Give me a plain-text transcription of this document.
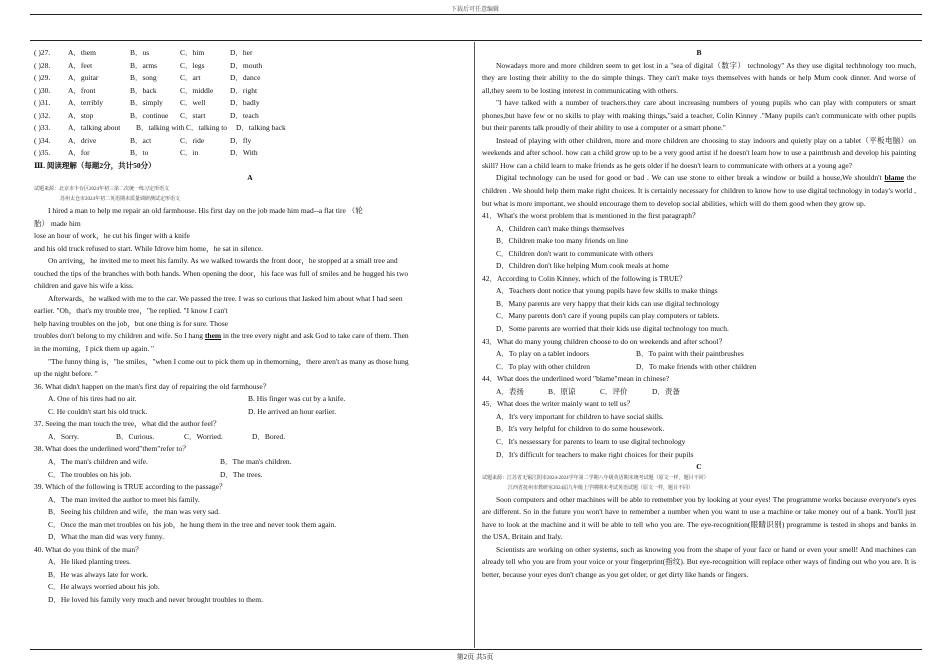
下载后可任意编辑
( )27. A．them	B．us	C．him	D．her
( )28. A．feet	B．arms	C．legs	D．mouth
( )29. A．guitar	B．song	C．art	D．dance
( )30. A．front	B．back	C．middle D．right
( )31. A．terribly	B．simply C．well	D．badly
( )32. A．stop	B．continue C．start	D．teach
( )33. A．talking about B．talking withC．talking to D．talking back
( )34. A．drive	B．act	C．ride	D．fly
( )35. A．for	B．to	C．in	D．With
Ⅲ. 阅读理解（每题2分，共计50分）
A
试题来源：北京市丰台区2024年初三第二次统一练习定形语文
苏州太仓市2024年初二英语期末质量调研测试定形语文
I hired a man to help me repair an old farmhouse. His first day on the job made him mad--a flat tire （轮
胎） made him
lose an hour of work，he cut his finger with a knife
and his old truck refused to start. While Idrove him home，he sat in silence.
On arriving，he invited me to meet his family. As we walked towards the front door，he stopped at a small tree and
touched the tips of the branches with both hands. When opening the door，his face was full of smiles and he hugged his two
children and gave his wife a kiss.
Afterwards，he walked with me to the car. We passed the tree. I was so curious that Iasked him about what I had seen
earlier. "Oh，that's my trouble tree，"he replied. "I know I can't
help having troubles on the job，but one thing is for sure. Those
troubles don't belong to my children and wife. So I hang them in the tree every night and ask God to take care of them. Then
in the morning，I pick them up again. "
"The funny thing is，"he smiles，"when I come out to pick them up in themorning，there aren't as many as those hung
up the night before. "
36. What didn't happen on the man's first day of repairing the old farmhouse？
A. One of his tires had no air.	B. His finger was cut by a knife.
C. He couldn't start his old truck.	D. He arrived an hour earlier.
37. Seeing the man touch the tree，what did the author feel？
A．Sorry.	B．Curious.	C．Worried.	D．Bored.
38. What does the underlined word"them"refer to？
A．The man's children and wife.	B．The man's children.
C．The troubles on his job.	D．The trees.
39. Which of the following is TRUE according to the passage？
A．The man invited the author to meet his family.
B．Seeing his children and wife，the man was very sad.
C．Once the man met troubles on his job，he hung them in the tree and never took them again.
D．What the man did was very funny.
40. What do you think of the man？
A．He liked planting trees.
B．He was always late for work.
C．He always worried about his job.
D．He loved his family very much and never brought troubles to them.
B
Nowadays more and more children seem to get lost in a "sea of digital（数字） technology" As they use digital techhnology too much, they are losting their ability to the do simple things. They can't make toys themselves with hands or help Mum cook dinner. And worse of all,they seem to be losting interest in communicating with others.
"I have talked with a number of teachers.they care about increasing numbers of young pupils who can play with computers or smart phones,but have few or no skills to play with making things,"said a teacher, Colin Kinney ."Many pupils can't communicate with other pupils but their parents talk proudly of their ability to use a computer or a smart phone."
Instead of playing with other children, more and more children are choosing to stay indoors and quietly play on a tablet（平板电脑）on weekends and after school. how can a child grow up to be a very good artist if he doesn't learn how to use a paintbrush and develop his painting skill? How can a child learn to make friends as he gets older if he doesn't learn to communicate with others at a young age?
Digital technology can be used for good or bad . We can use stone to either break a window or build a house,We shouldn't blame the children . We should help them make right choices. It is certainly necessary for children to know how to use digital technology in today's world , but what is more important, we should encourage them to develop social abilities, which will do them good when they grow up.
41．What's the worst problem that is mentioned in the first paragraph？
A．Children can't make things themselves
B．Children make too many friends on line
C．Children don't want to communicate with others
D．Children don't like helping Mum cook meals at home
42．According to Colin Kinney, which of the following is TRUE？
A．Teachers dont notice that young pupils have few skills to make things
B．Many parents are very happy that their kids can use digital technology
C．Many parents don't care if young pupils can play computers or tablets.
D．Some parents are worried that their kids use digital technology too much.
43．What do many young children choose to do on weekends and after school？
A．To play on a tablet indoors	B．To paint with their paintbrushes
C．To play with other children	D．To make friends with other children
44．What does the underlined word "blame"mean in chinese?
A．表扬	B．原谅	C．评价	D．责备
45．What does the writer mainly want to tell us？
A．It's very important for children to have social skills.
B．It's very helpful for children to do some housework.
C．It's nessessary for parents to learn to use digital technology
D．It's difficult for teachers to make right choices for their pupils
C
试题来源：江苏省无锡江阴市2024-2024学年第二学期八年级英语期末统考试题（原文一样，题目不同）
江西省抚州市教研室2024届九年级上学期期末考试英语试题（原文一样，题目不同）
Soon computers and other machines will be able to remember you by looking at your eyes! The programme works because everyone's eyes are different. So in the future you won't have to remember a number when you want to use a machine or take money out of a bank. You'll just have to look at the machine and it will be able to tell who you are. The eye-recognition(眼睛识别) programme is tested in shops and banks in the USA, Britain and Italy.
Scientists are working on other systems, such as knowing you from the shape of your face or hand or even your smell! And machines can already tell who you are from your voice or your fingerprint(指纹). But eye-recognition will replace other ways of finding out who you are. It is better, because your eyes don't change as you get older, or get dirty like hands or fingers.
第2页 共5页
